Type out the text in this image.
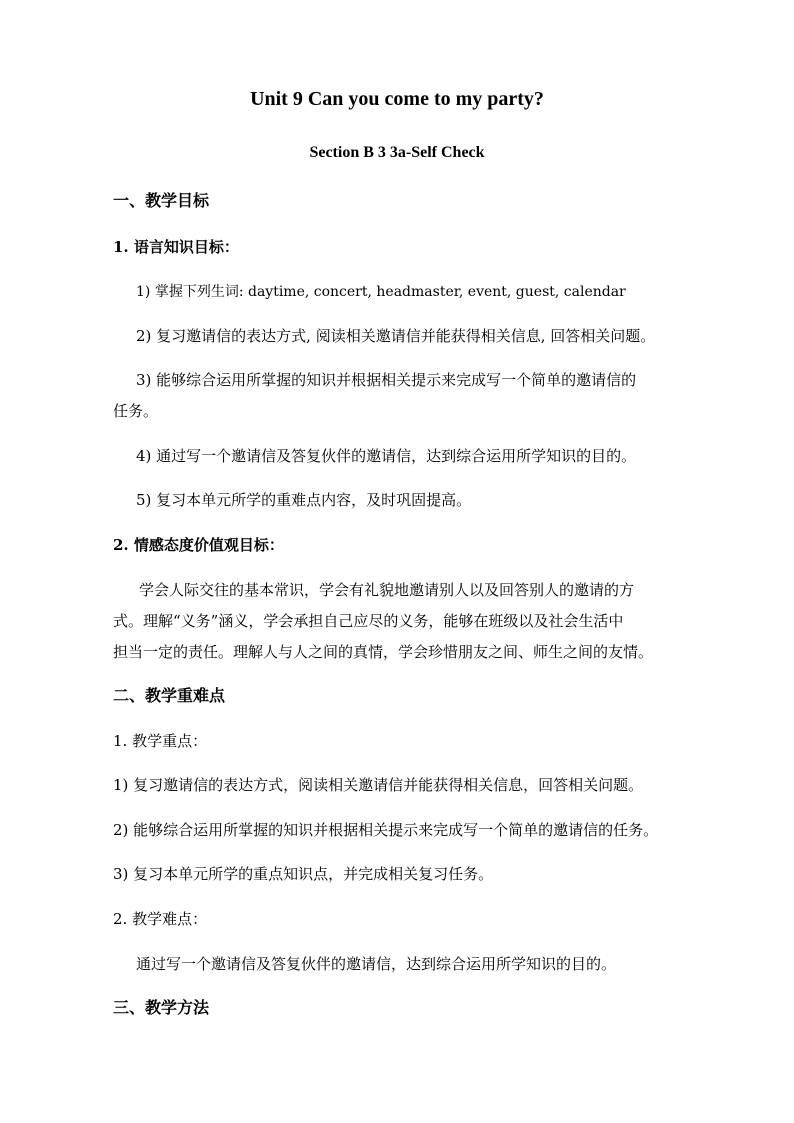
Unit 9 Can you come to my party?
Section B 3 3a-Self Check
一、教学目标
1. 语言知识目标：
1) 掌握下列生词: daytime, concert, headmaster, event, guest, calendar
2) 复习邀请信的表达方式, 阅读相关邀请信并能获得相关信息, 回答相关问题。
3) 能够综合运用所掌握的知识并根据相关提示来完成写一个简单的邀请信的
任务。
4) 通过写一个邀请信及答复伙伴的邀请信，达到综合运用所学知识的目的。
5) 复习本单元所学的重难点内容，及时巩固提高。
2. 情感态度价值观目标：
学会人际交往的基本常识，学会有礼貌地邀请别人以及回答别人的邀请的方
式。理解“义务”涵义，学会承担自己应尽的义务，能够在班级以及社会生活中
担当一定的责任。理解人与人之间的真情，学会珍惜朋友之间、师生之间的友情。
二、教学重难点
1. 教学重点：
1) 复习邀请信的表达方式，阅读相关邀请信并能获得相关信息，回答相关问题。
2) 能够综合运用所掌握的知识并根据相关提示来完成写一个简单的邀请信的任务。
3) 复习本单元所学的重点知识点，并完成相关复习任务。
2. 教学难点：
通过写一个邀请信及答复伙伴的邀请信，达到综合运用所学知识的目的。
三、教学方法
